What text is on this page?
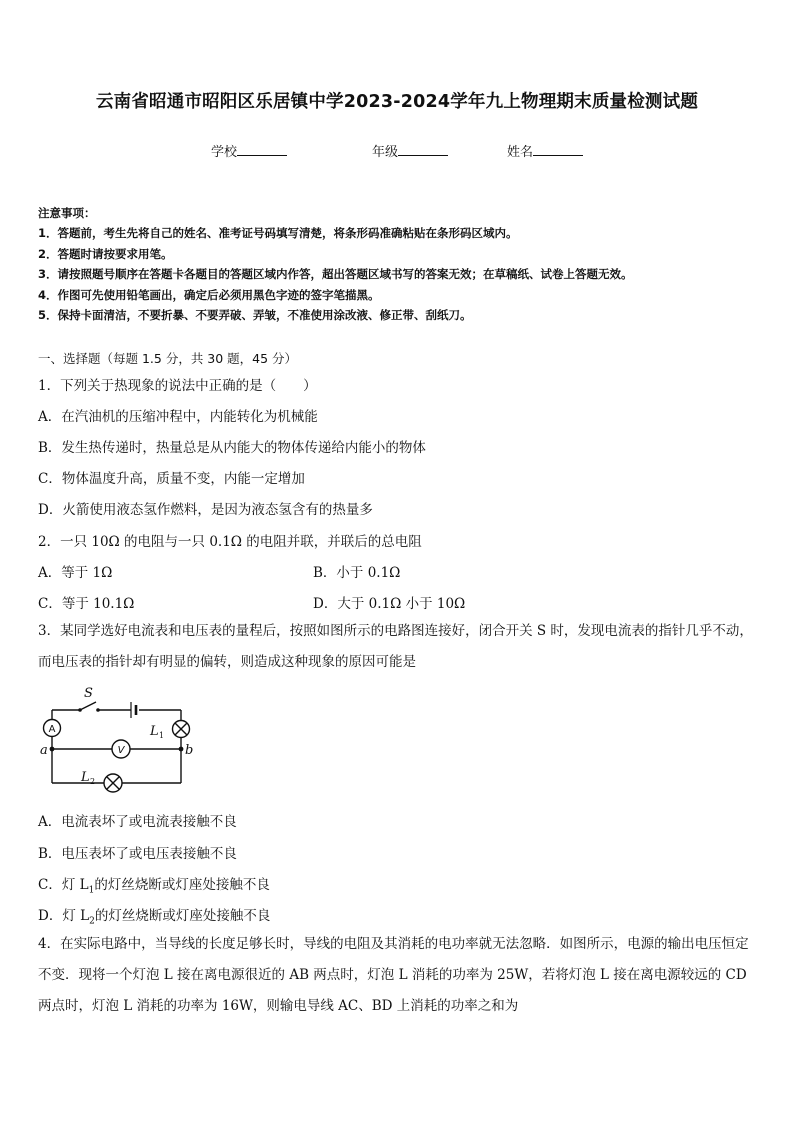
云南省昭通市昭阳区乐居镇中学2023-2024学年九上物理期末质量检测试题
学校	年级	姓名
注意事项：
1．答题前，考生先将自己的姓名、准考证号码填写清楚，将条形码准确粘贴在条形码区域内。
2．答题时请按要求用笔。
3．请按照题号顺序在答题卡各题目的答题区域内作答，超出答题区域书写的答案无效；在草稿纸、试卷上答题无效。
4．作图可先使用铅笔画出，确定后必须用黑色字迹的签字笔描黑。
5．保持卡面清洁，不要折暴、不要弄破、弄皱，不准使用涂改液、修正带、刮纸刀。
一、选择题（每题 1.5 分，共 30 题，45 分）
1．下列关于热现象的说法中正确的是（　　）
A．在汽油机的压缩冲程中，内能转化为机械能
B．发生热传递时，热量总是从内能大的物体传递给内能小的物体
C．物体温度升高，质量不变，内能一定增加
D．火箭使用液态氢作燃料，是因为液态氢含有的热量多
2．一只 10Ω 的电阻与一只 0.1Ω 的电阻并联，并联后的总电阻
A．等于 1Ω	B．小于 0.1Ω
C．等于 10.1Ω	D．大于 0.1Ω 小于 10Ω
3．某同学选好电流表和电压表的量程后，按照如图所示的电路图连接好，闭合开关 S 时，发现电流表的指针几乎不动，而电压表的指针却有明显的偏转，则造成这种现象的原因可能是
S
L 1
a	b
L 2
A
V
A．电流表坏了或电流表接触不良
B．电压表坏了或电压表接触不良
C．灯 $L_1$的灯丝烧断或灯座处接触不良
D．灯 $L_2$的灯丝烧断或灯座处接触不良
4．在实际电路中，当导线的长度足够长时，导线的电阻及其消耗的电功率就无法忽略．如图所示，电源的输出电压恒定不变．现将一个灯泡 L 接在离电源很近的 AB 两点时，灯泡 L 消耗的功率为 25W，若将灯泡 L 接在离电源较远的 CD 两点时，灯泡 L 消耗的功率为 16W，则输电导线 AC、BD 上消耗的功率之和为
